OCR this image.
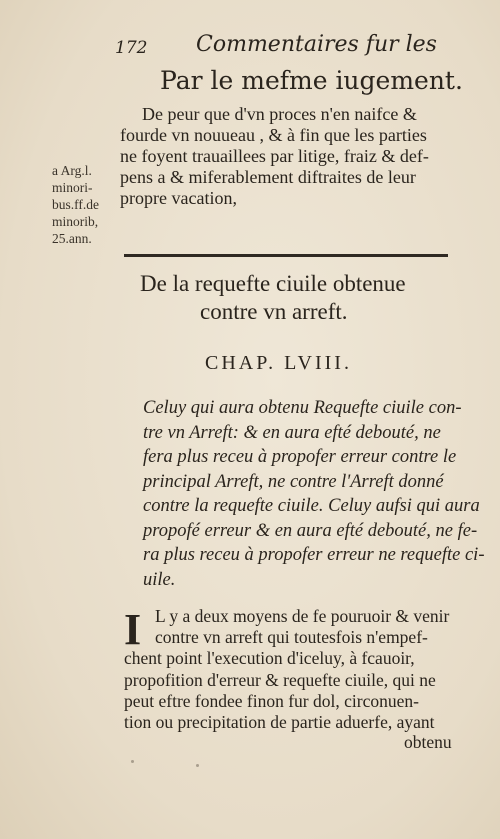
172 Commentaires fur les
Par le mefme iugement.
De peur que d'vn proces n'en naifce &
fourde vn nouueau , & à fin que les parties
ne foyent trauaillees par litige, fraiz & def-
pens a & miferablement diftraites de leur
propre vacation,
a Arg.l.
minori-
bus.ff.de
minorib,
25.ann.
De la requefte ciuile obtenue
contre vn arreft.
CHAP. LVIII.
Celuy qui aura obtenu Requefte ciuile con-
tre vn Arreft: & en aura efté debouté, ne
fera plus receu à propofer erreur contre le
principal Arreft, ne contre l'Arreft donné
contre la requefte ciuile. Celuy aufsi qui aura
propofé erreur & en aura efté debouté, ne fe-
ra plus receu à propofer erreur ne requefte ci-
uile.
I L y a deux moyens de fe pouruoir & venir
contre vn arreft qui toutesfois n'empef-
chent point l'execution d'iceluy, à fcauoir,
propofition d'erreur & requefte ciuile, qui ne
peut eftre fondee finon fur dol, circonuen-
tion ou precipitation de partie aduerfe, ayant
obtenu
